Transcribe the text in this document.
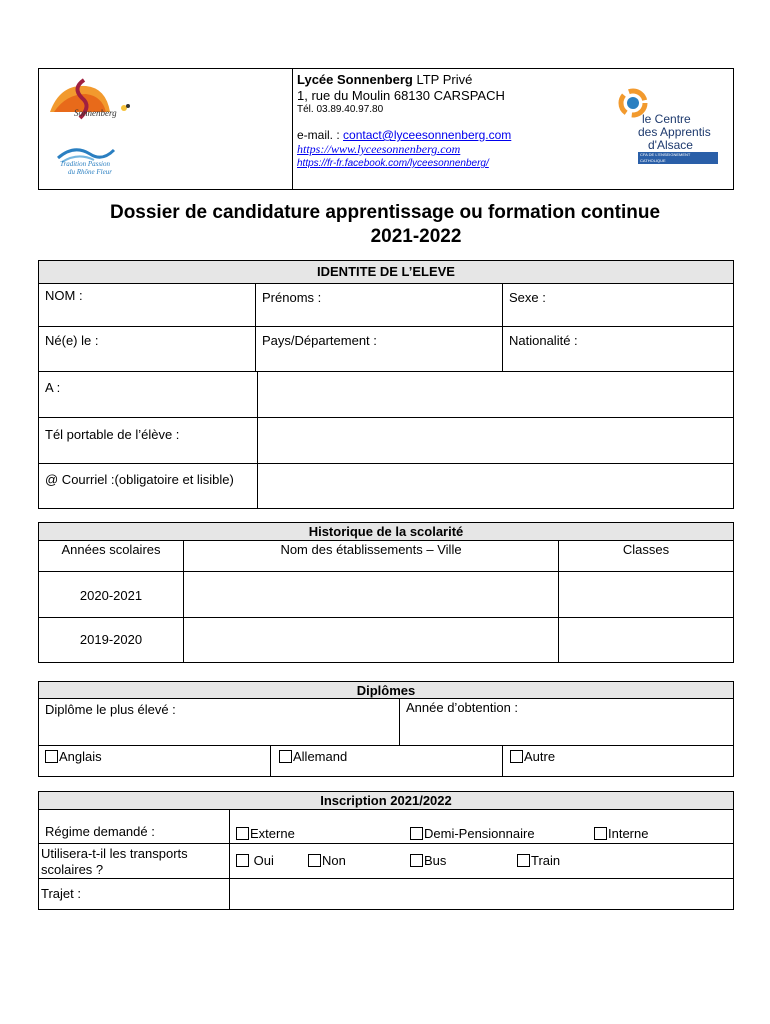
Sonnenberg
Tradition Passion
du Rhône Fleur
Lycée Sonnenberg LTP Privé
1, rue du Moulin 68130 CARSPACH
Tél. 03.89.40.97.80
e-mail. : contact@lyceesonnenberg.com
https://www.lyceesonnenberg.com
https://fr-fr.facebook.com/lyceesonnenberg/
le Centre
des Apprentis
d'Alsace
CFA DE L'ENSEIGNEMENT CATHOLIQUE
Dossier de candidature apprentissage ou formation continue
2021-2022
IDENTITE DE L’ELEVE
NOM :	Prénoms :	Sexe :
Né(e) le :	Pays/Département :	Nationalité :
A :
Tél portable de l’élève :
@ Courriel :(obligatoire et lisible)
Historique de la scolarité
Années scolaires	Nom des établissements – Ville	Classes
2020-2021
2019-2020
Diplômes
Diplôme le plus élevé :	Année d’obtention :
Anglais	Allemand	Autre
Inscription 2021/2022
Régime demandé :	Externe	Demi-Pensionnaire	Interne
Utilisera-t-il les transports
scolaires ?
Oui	Non	Bus	Train
Trajet :
